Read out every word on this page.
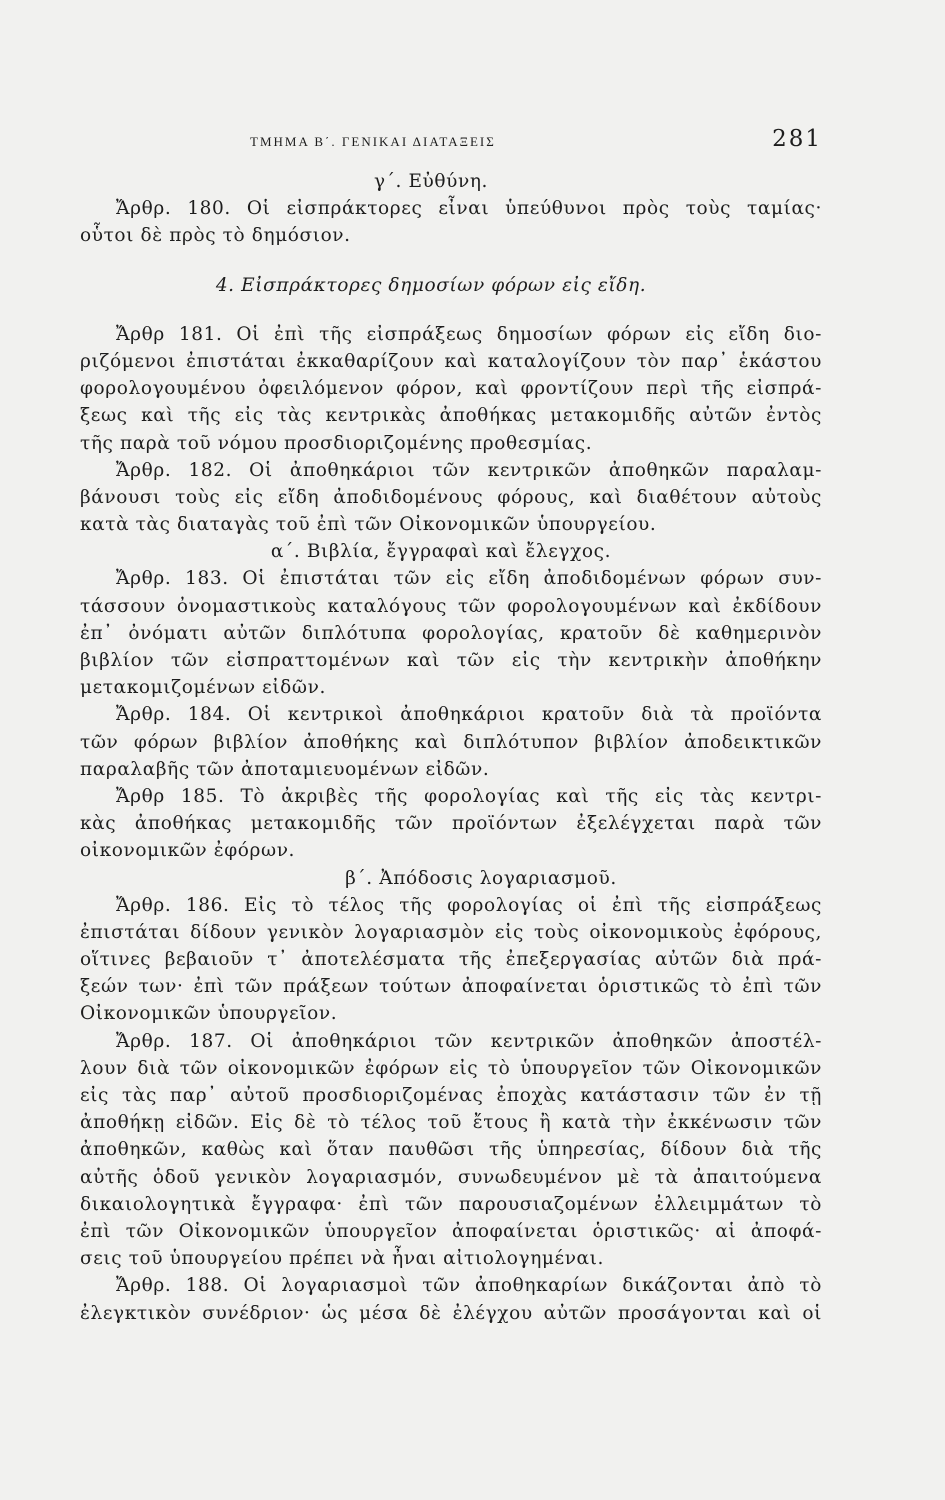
ΤΜΗΜΑ Β΄. ΓΕΝΙΚΑΙ ΔΙΑΤΑΞΕΙΣ	281
γ΄. Εὐθύνη.
Ἄρθρ. 180. Οἱ εἰσπράκτορες εἶναι ὑπεύθυνοι πρὸς τοὺς ταμίας·
οὗτοι δὲ πρὸς τὸ δημόσιον.
4. Εἰσπράκτορες δημοσίων φόρων εἰς εἴδη.
Ἄρθρ 181. Οἱ ἐπὶ τῆς εἰσπράξεως δημοσίων φόρων εἰς εἴδη διο-
ριζόμενοι ἐπιστάται ἐκκαθαρίζουν καὶ καταλογίζουν τὸν παρ᾿ ἑκάστου
φορολογουμένου ὀφειλόμενον φόρον, καὶ φροντίζουν περὶ τῆς εἰσπρά-
ξεως καὶ τῆς εἰς τὰς κεντρικὰς ἀποθήκας μετακομιδῆς αὐτῶν ἐντὸς
τῆς παρὰ τοῦ νόμου προσδιοριζομένης προθεσμίας.
Ἄρθρ. 182. Οἱ ἀποθηκάριοι τῶν κεντρικῶν ἀποθηκῶν παραλαμ-
βάνουσι τοὺς εἰς εἴδη ἀποδιδομένους φόρους, καὶ διαθέτουν αὐτοὺς
κατὰ τὰς διαταγὰς τοῦ ἐπὶ τῶν Οἰκονομικῶν ὑπουργείου.
α΄. Βιβλία, ἔγγραφαὶ καὶ ἔλεγχος.
Ἄρθρ. 183. Οἱ ἐπιστάται τῶν εἰς εἴδη ἀποδιδομένων φόρων συν-
τάσσουν ὀνομαστικοὺς καταλόγους τῶν φορολογουμένων καὶ ἐκδίδουν
ἐπ᾿ ὀνόματι αὐτῶν διπλότυπα φορολογίας, κρατοῦν δὲ καθημερινὸν
βιβλίον τῶν εἰσπραττομένων καὶ τῶν εἰς τὴν κεντρικὴν ἀποθήκην
μετακομιζομένων εἰδῶν.
Ἄρθρ. 184. Οἱ κεντρικοὶ ἀποθηκάριοι κρατοῦν διὰ τὰ προϊόντα
τῶν φόρων βιβλίον ἀποθήκης καὶ διπλότυπον βιβλίον ἀποδεικτικῶν
παραλαβῆς τῶν ἀποταμιευομένων εἰδῶν.
Ἄρθρ 185. Τὸ ἀκριβὲς τῆς φορολογίας καὶ τῆς εἰς τὰς κεντρι-
κὰς ἀποθήκας μετακομιδῆς τῶν προϊόντων ἐξελέγχεται παρὰ τῶν
οἰκονομικῶν ἐφόρων.
β΄. Ἀπόδοσις λογαριασμοῦ.
Ἄρθρ. 186. Εἰς τὸ τέλος τῆς φορολογίας οἱ ἐπὶ τῆς εἰσπράξεως
ἐπιστάται δίδουν γενικὸν λογαριασμὸν εἰς τοὺς οἰκονομικοὺς ἐφόρους,
οἵτινες βεβαιοῦν τ᾿ ἀποτελέσματα τῆς ἐπεξεργασίας αὐτῶν διὰ πρά-
ξεών των· ἐπὶ τῶν πράξεων τούτων ἀποφαίνεται ὁριστικῶς τὸ ἐπὶ τῶν
Οἰκονομικῶν ὑπουργεῖον.
Ἄρθρ. 187. Οἱ ἀποθηκάριοι τῶν κεντρικῶν ἀποθηκῶν ἀποστέλ-
λουν διὰ τῶν οἰκονομικῶν ἐφόρων εἰς τὸ ὑπουργεῖον τῶν Οἰκονομικῶν
εἰς τὰς παρ᾿ αὐτοῦ προσδιοριζομένας ἐποχὰς κατάστασιν τῶν ἐν τῇ
ἀποθήκῃ εἰδῶν. Εἰς δὲ τὸ τέλος τοῦ ἔτους ἢ κατὰ τὴν ἐκκένωσιν τῶν
ἀποθηκῶν, καθὼς καὶ ὅταν παυθῶσι τῆς ὑπηρεσίας, δίδουν διὰ τῆς
αὐτῆς ὁδοῦ γενικὸν λογαριασμόν, συνωδευμένον μὲ τὰ ἀπαιτούμενα
δικαιολογητικὰ ἔγγραφα· ἐπὶ τῶν παρουσιαζομένων ἐλλειμμάτων τὸ
ἐπὶ τῶν Οἰκονομικῶν ὑπουργεῖον ἀποφαίνεται ὁριστικῶς· αἱ ἀποφά-
σεις τοῦ ὑπουργείου πρέπει νὰ ἦναι αἰτιολογημέναι.
Ἄρθρ. 188. Οἱ λογαριασμοὶ τῶν ἀποθηκαρίων δικάζονται ἀπὸ τὸ
ἐλεγκτικὸν συνέδριον· ὡς μέσα δὲ ἐλέγχου αὐτῶν προσάγονται καὶ οἱ
